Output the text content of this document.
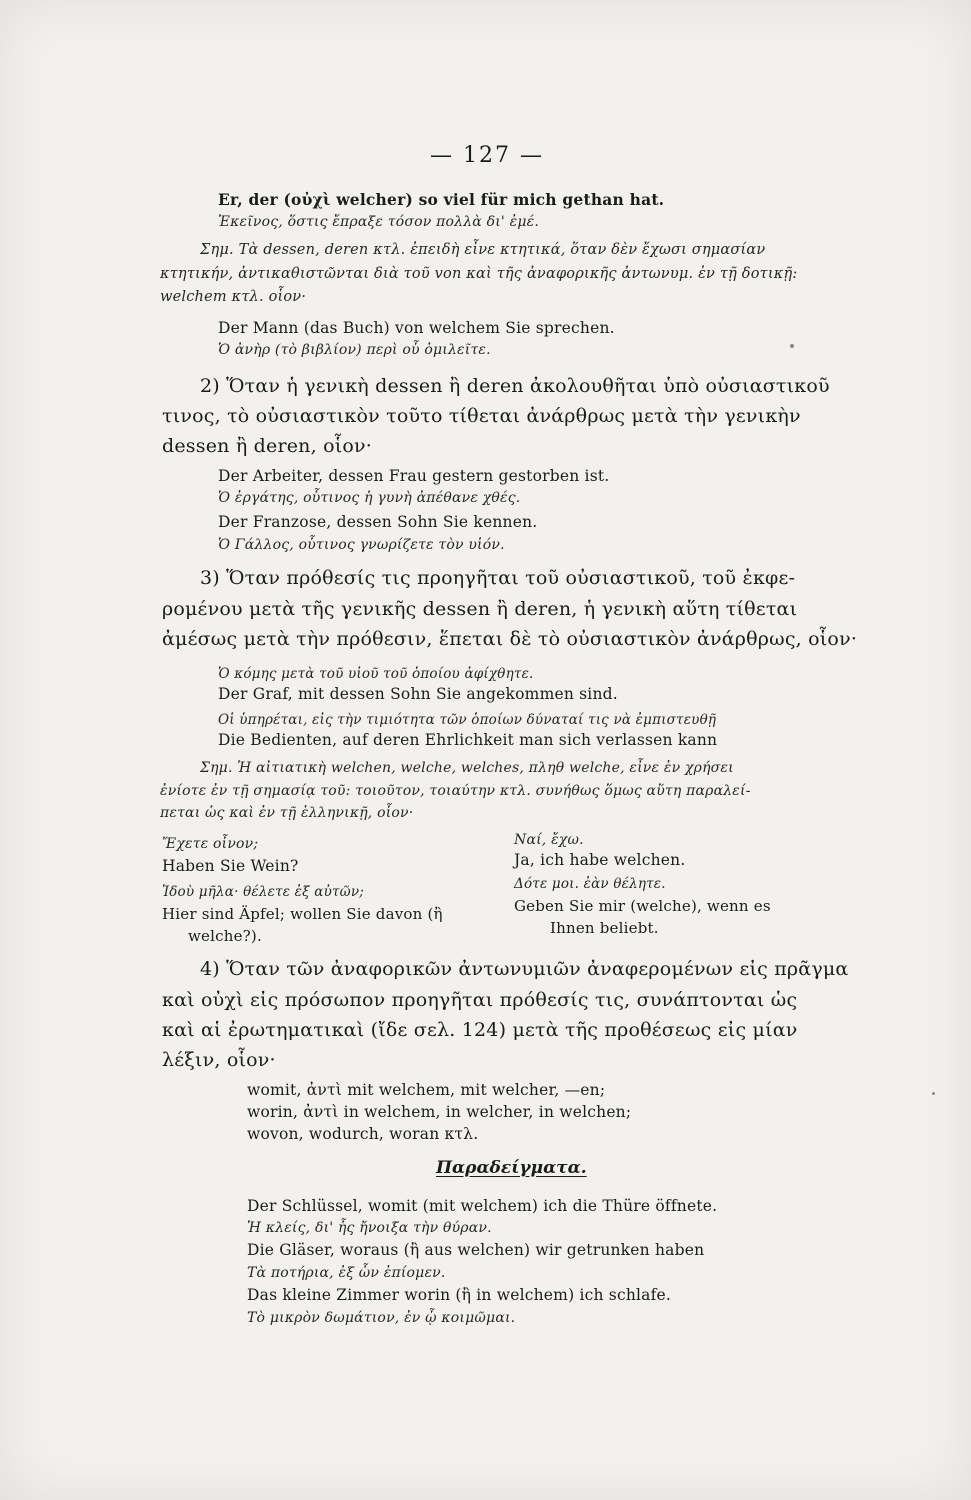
— 127 —
Er, der (οὐχὶ welcher) so viel für mich gethan hat.
Ἐκεῖνος, ὅστις ἔπραξε τόσον πολλὰ δι' ἐμέ.
Σημ. Τὰ dessen, deren κτλ. ἐπειδὴ εἶνε κτητικά, ὅταν δὲν ἔχωσι σημασίαν
κτητικήν, ἀντικαθιστῶνται διὰ τοῦ von καὶ τῆς ἀναφορικῆς ἀντωνυμ. ἐν τῇ δοτικῇ:
welchem κτλ. οἷον·
Der Mann (das Buch) von welchem Sie sprechen.
Ὁ ἀνὴρ (τὸ βιβλίον) περὶ οὗ ὁμιλεῖτε.
2) Ὅταν ἡ γενικὴ dessen ἢ deren ἀκολουθῆται ὑπὸ οὐσιαστικοῦ
τινος, τὸ οὐσιαστικὸν τοῦτο τίθεται ἀνάρθρως μετὰ τὴν γενικὴν
dessen ἢ deren, οἷον·
Der Arbeiter, dessen Frau gestern gestorben ist.
Ὁ ἐργάτης, οὗτινος ἡ γυνὴ ἀπέθανε χθές.
Der Franzose, dessen Sohn Sie kennen.
Ὁ Γάλλος, οὗτινος γνωρίζετε τὸν υἱόν.
3) Ὅταν πρόθεσίς τις προηγῆται τοῦ οὐσιαστικοῦ, τοῦ ἐκφε-
ρομένου μετὰ τῆς γενικῆς dessen ἢ deren, ἡ γενικὴ αὕτη τίθεται
ἀμέσως μετὰ τὴν πρόθεσιν, ἕπεται δὲ τὸ οὐσιαστικὸν ἀνάρθρως, οἷον·
Ὁ κόμης μετὰ τοῦ υἱοῦ τοῦ ὁποίου ἀφίχθητε.
Der Graf, mit dessen Sohn Sie angekommen sind.
Οἱ ὑπηρέται, εἰς τὴν τιμιότητα τῶν ὁποίων δύναταί τις νὰ ἐμπιστευθῇ
Die Bedienten, auf deren Ehrlichkeit man sich verlassen kann
Σημ. Ἡ αἰτιατικὴ welchen, welche, welches, πληθ welche, εἶνε ἐν χρήσει
ἐνίοτε ἐν τῇ σημασίᾳ τοῦ: τοιοῦτον, τοιαύτην κτλ. συνήθως ὅμως αὕτη παραλεί-
πεται ὡς καὶ ἐν τῇ ἑλληνικῇ, οἷον·
Ἔχετε οἶνον;	Ναί, ἔχω.
Haben Sie Wein?	Ja, ich habe welchen.
Ἰδοὺ μῆλα· θέλετε ἐξ αὐτῶν;	Δότε μοι. ἐὰν θέλητε.
Hier sind Äpfel; wollen Sie davon (ἢ	Geben Sie mir (welche), wenn es
welche?).	Ihnen beliebt.
4) Ὅταν τῶν ἀναφορικῶν ἀντωνυμιῶν ἀναφερομένων εἰς πρᾶγμα
καὶ οὐχὶ εἰς πρόσωπον προηγῆται πρόθεσίς τις, συνάπτονται ὡς
καὶ αἱ ἐρωτηματικαὶ (ἴδε σελ. 124) μετὰ τῆς προθέσεως εἰς μίαν
λέξιν, οἷον·
womit, ἀντὶ mit welchem, mit welcher, —en;
worin, ἀντὶ in welchem, in welcher, in welchen;
wovon, wodurch, woran κτλ.
Παραδείγματα.
Der Schlüssel, womit (mit welchem) ich die Thüre öffnete.
Ἡ κλείς, δι' ἧς ἤνοιξα τὴν θύραν.
Die Gläser, woraus (ἢ aus welchen) wir getrunken haben
Τὰ ποτήρια, ἐξ ὧν ἐπίομεν.
Das kleine Zimmer worin (ἢ in welchem) ich schlafe.
Τὸ μικρὸν δωμάτιον, ἐν ᾧ κοιμῶμαι.
